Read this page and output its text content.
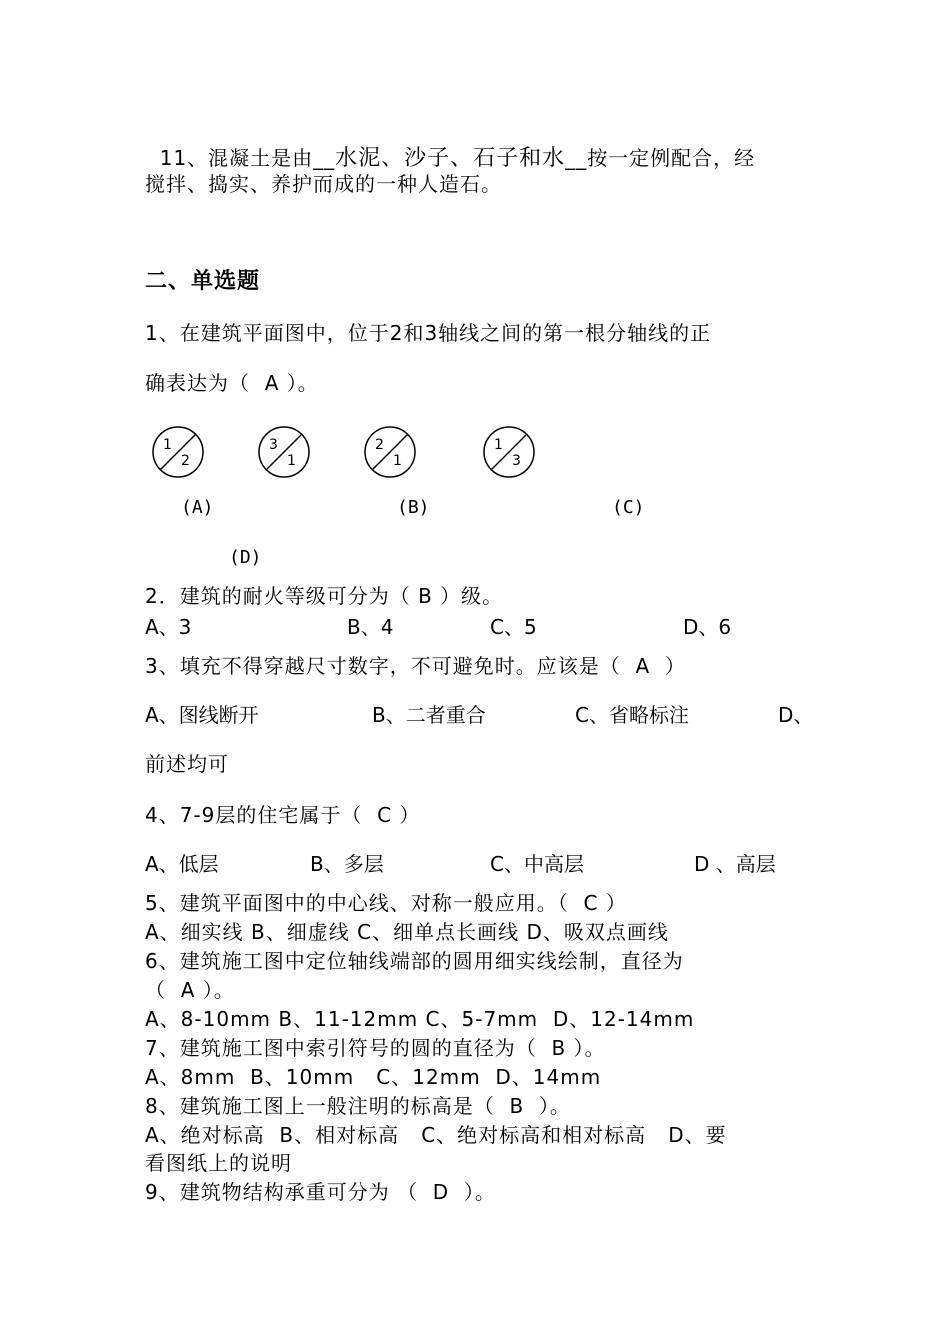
11、混凝土是由__水泥、沙子、石子和水__按一定例配合，经

搅拌、捣实、养护而成的一种人造石。
二、单选题
1、在建筑平面图中，位于2和3轴线之间的第一根分轴线的正
确表达为（  A ）。
1
2
3
1
2
1
1
3
(A)	(B)	(C)
(D)
2．建筑的耐火等级可分为（ B ）级。
A、3	B、4	C、5	D、6
3、填充不得穿越尺寸数字，不可避免时。应该是（  A  ）
A、图线断开	B、二者重合	C、省略标注	D、
前述均可
4、7-9层的住宅属于（  C ）
A、低层	B、多层	C、中高层	D 、高层
5、建筑平面图中的中心线、对称一般应用。（  C ）
A、细实线 B、细虚线 C、细单点长画线 D、吸双点画线
6、建筑施工图中定位轴线端部的圆用细实线绘制，直径为
（  A ）。
A、8-10mm B、11-12mm C、5-7mm  D、12-14mm
7、建筑施工图中索引符号的圆的直径为（  B ）。
A、8mm  B、10mm   C、12mm  D、14mm
8、建筑施工图上一般注明的标高是（  B  ）。
A、绝对标高  B、相对标高   C、绝对标高和相对标高   D、要
看图纸上的说明
9、建筑物结构承重可分为 （  D  ）。
